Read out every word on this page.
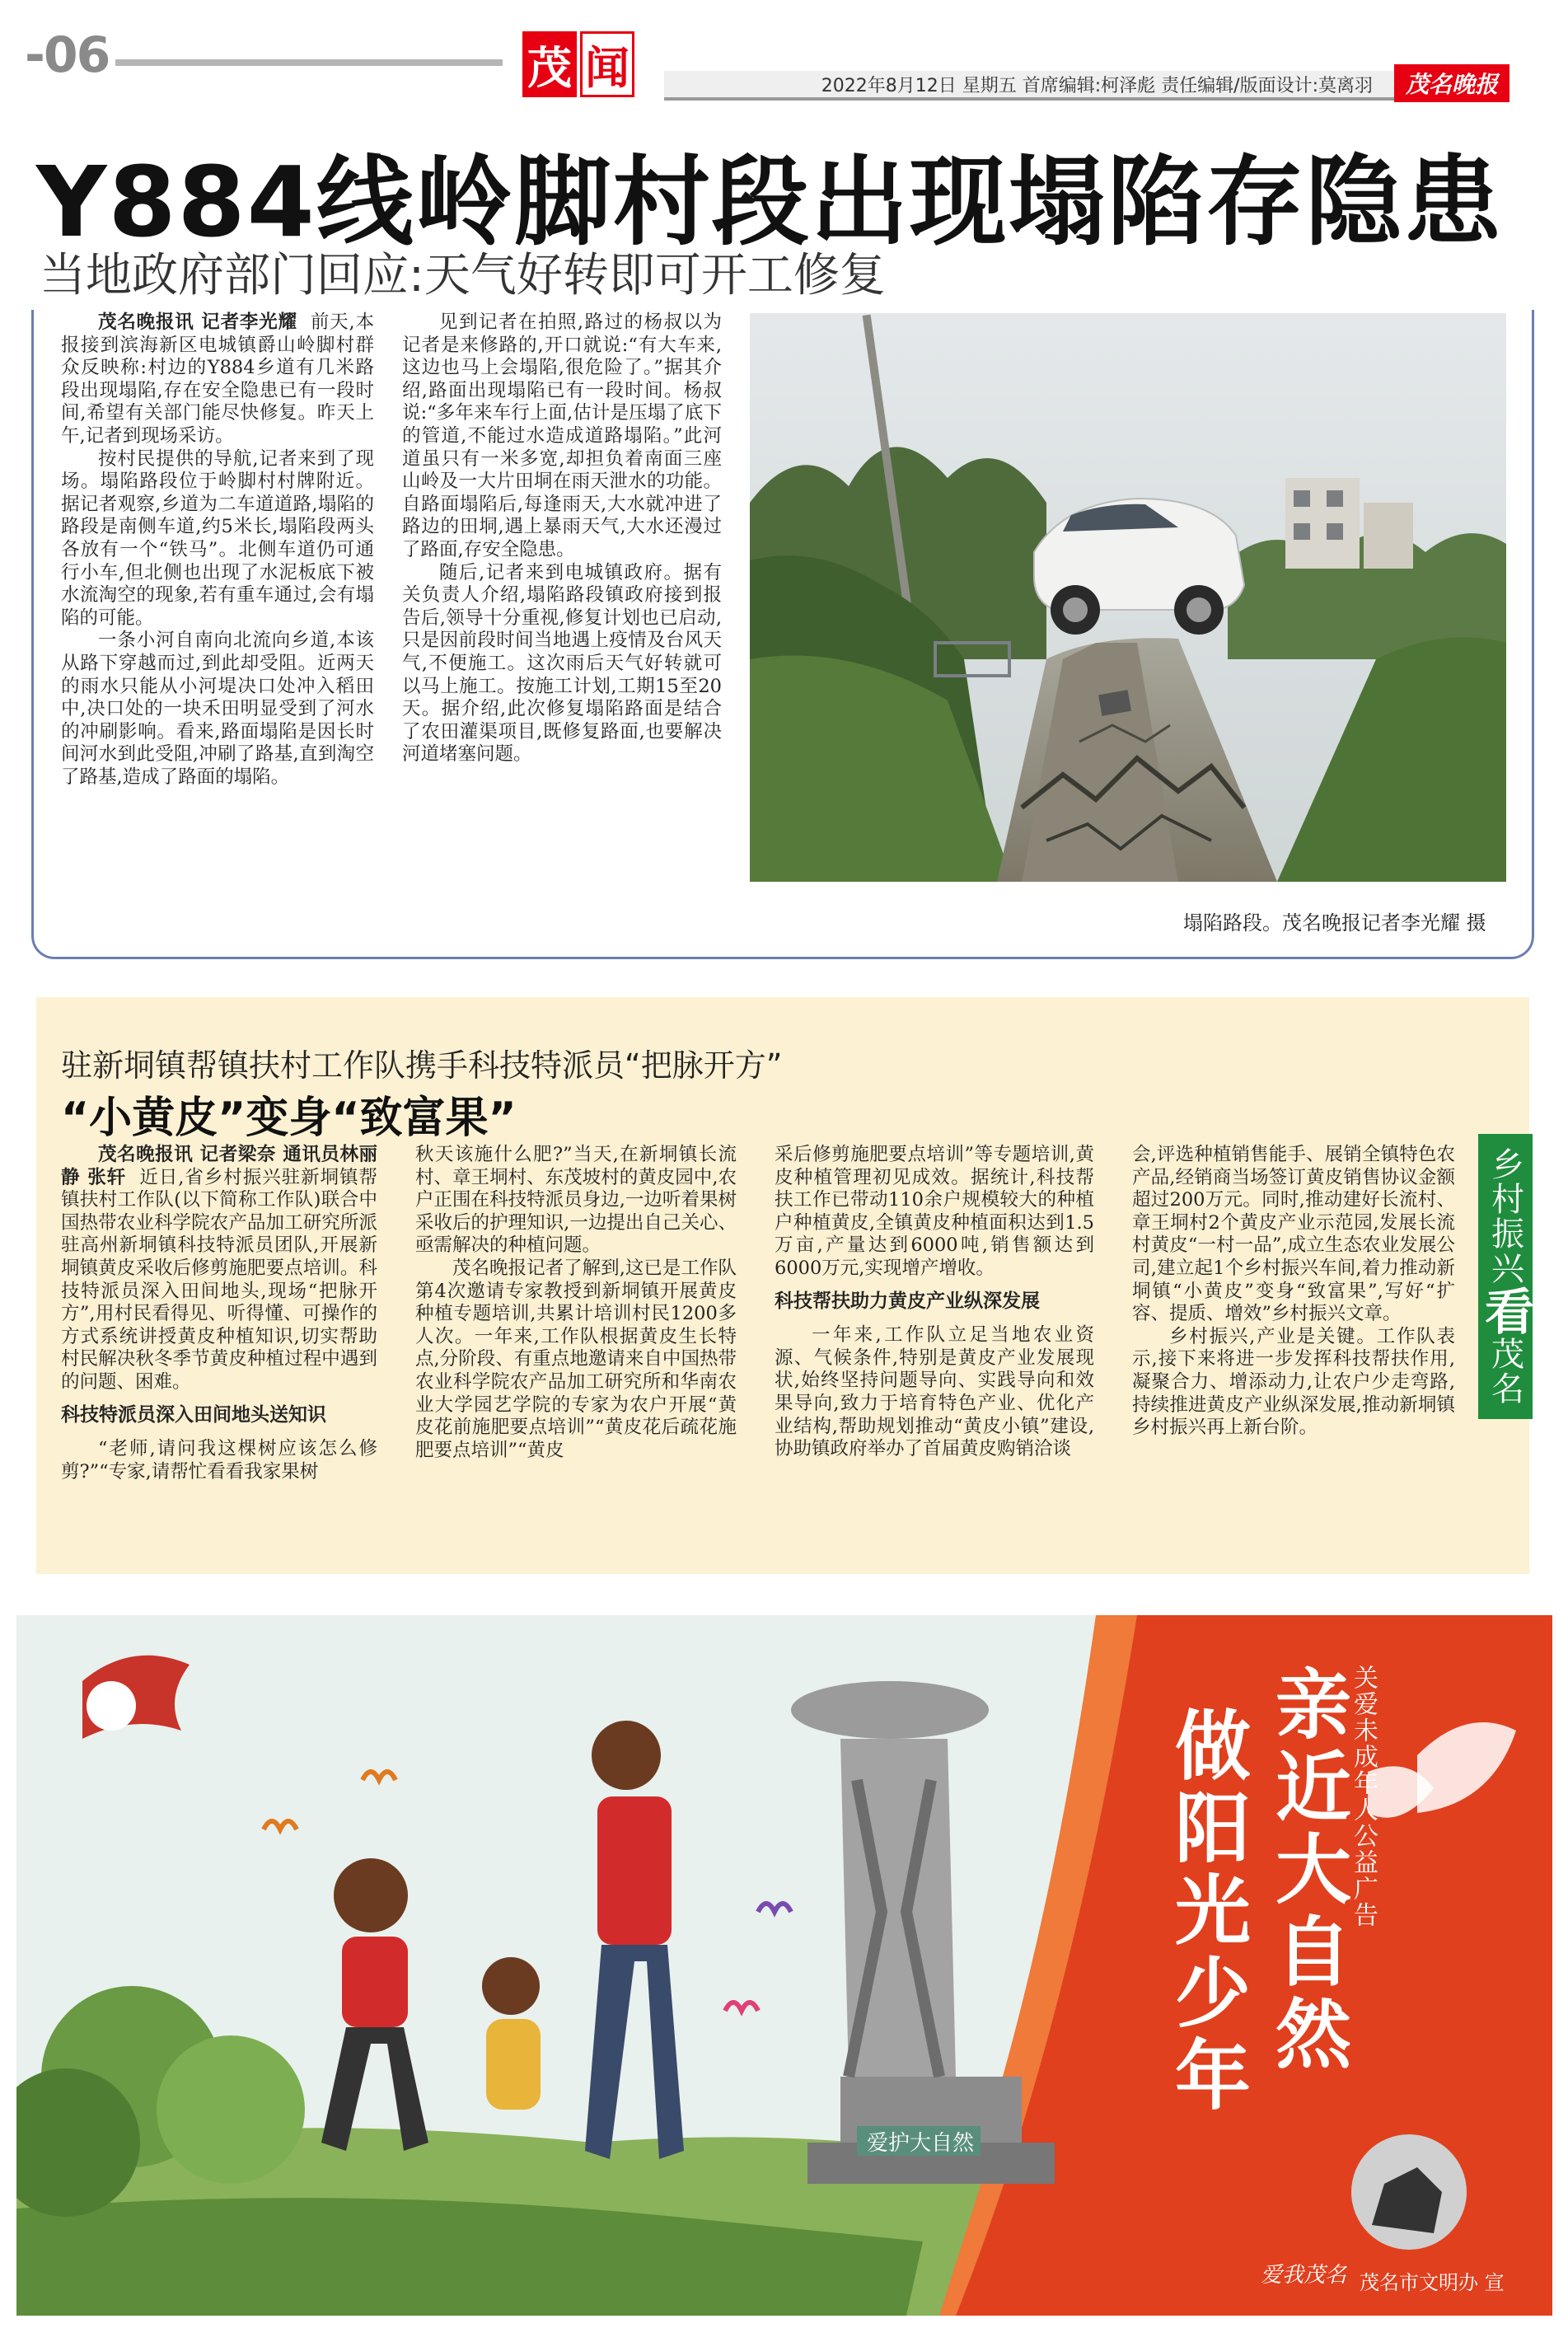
-06	茂 闻	2022年8月12日 星期五 首席编辑:柯泽彪 责任编辑/版面设计:莫离羽	茂名晚报
Y884线岭脚村段出现塌陷存隐患
当地政府部门回应:天气好转即可开工修复

茂名晚报讯 记者李光耀 前天,本报接到滨海新区电城镇爵山岭脚村群众反映称:村边的Y884乡道有几米路段出现塌陷,存在安全隐患已有一段时间,希望有关部门能尽快修复。昨天上午,记者到现场采访。

按村民提供的导航,记者来到了现场。塌陷路段位于岭脚村村牌附近。据记者观察,乡道为二车道道路,塌陷的路段是南侧车道,约5米长,塌陷段两头各放有一个“铁马”。北侧车道仍可通行小车,但北侧也出现了水泥板底下被水流淘空的现象,若有重车通过,会有塌陷的可能。

一条小河自南向北流向乡道,本该从路下穿越而过,到此却受阻。近两天的雨水只能从小河堤决口处冲入稻田中,决口处的一块禾田明显受到了河水的冲刷影响。看来,路面塌陷是因长时间河水到此受阻,冲刷了路基,直到淘空了路基,造成了路面的塌陷。

见到记者在拍照,路过的杨叔以为记者是来修路的,开口就说:“有大车来,这边也马上会塌陷,很危险了。”据其介绍,路面出现塌陷已有一段时间。杨叔说:“多年来车行上面,估计是压塌了底下的管道,不能过水造成道路塌陷。”此河道虽只有一米多宽,却担负着南面三座山岭及一大片田垌在雨天泄水的功能。自路面塌陷后,每逢雨天,大水就冲进了路边的田垌,遇上暴雨天气,大水还漫过了路面,存安全隐患。

随后,记者来到电城镇政府。据有关负责人介绍,塌陷路段镇政府接到报告后,领导十分重视,修复计划也已启动,只是因前段时间当地遇上疫情及台风天气,不便施工。这次雨后天气好转就可以马上施工。按施工计划,工期15至20天。据介绍,此次修复塌陷路面是结合了农田灌渠项目,既修复路面,也要解决河道堵塞问题。

塌陷路段。茂名晚报记者李光耀 摄
驻新垌镇帮镇扶村工作队携手科技特派员“把脉开方”
“小黄皮”变身“致富果”

茂名晚报讯 记者梁奈 通讯员林丽静 张轩 近日,省乡村振兴驻新垌镇帮镇扶村工作队(以下简称工作队)联合中国热带农业科学院农产品加工研究所派驻高州新垌镇科技特派员团队,开展新垌镇黄皮采收后修剪施肥要点培训。科技特派员深入田间地头,现场“把脉开方”,用村民看得见、听得懂、可操作的方式系统讲授黄皮种植知识,切实帮助村民解决秋冬季节黄皮种植过程中遇到的问题、困难。

科技特派员深入田间地头送知识

“老师,请问我这棵树应该怎么修剪?”“专家,请帮忙看看我家果树

秋天该施什么肥?”当天,在新垌镇长流村、章王垌村、东茂坡村的黄皮园中,农户正围在科技特派员身边,一边听着果树采收后的护理知识,一边提出自己关心、亟需解决的种植问题。

茂名晚报记者了解到,这已是工作队第4次邀请专家教授到新垌镇开展黄皮种植专题培训,共累计培训村民1200多人次。一年来,工作队根据黄皮生长特点,分阶段、有重点地邀请来自中国热带农业科学院农产品加工研究所和华南农业大学园艺学院的专家为农户开展“黄皮花前施肥要点培训”“黄皮花后疏花施肥要点培训”“黄皮

采后修剪施肥要点培训”等专题培训,黄皮种植管理初见成效。据统计,科技帮扶工作已带动110余户规模较大的种植户种植黄皮,全镇黄皮种植面积达到1.5万亩,产量达到6000吨,销售额达到6000万元,实现增产增收。

科技帮扶助力黄皮产业纵深发展

一年来,工作队立足当地农业资源、气候条件,特别是黄皮产业发展现状,始终坚持问题导向、实践导向和效果导向,致力于培育特色产业、优化产业结构,帮助规划推动“黄皮小镇”建设,协助镇政府举办了首届黄皮购销洽谈

会,评选种植销售能手、展销全镇特色农产品,经销商当场签订黄皮销售协议金额超过200万元。同时,推动建好长流村、章王垌村2个黄皮产业示范园,发展长流村黄皮“一村一品”,成立生态农业发展公司,建立起1个乡村振兴车间,着力推动新垌镇“小黄皮”变身“致富果”,写好“扩容、提质、增效”乡村振兴文章。

乡村振兴,产业是关键。工作队表示,接下来将进一步发挥科技帮扶作用,凝聚合力、增添动力,让农户少走弯路,持续推进黄皮产业纵深发展,推动新垌镇乡村振兴再上新台阶。

乡村振兴
看
茂名
爱护大自然
亲近大自然
做阳光少年	关爱未成年人公益广告
爱我茂名 茂名市文明办 宣
